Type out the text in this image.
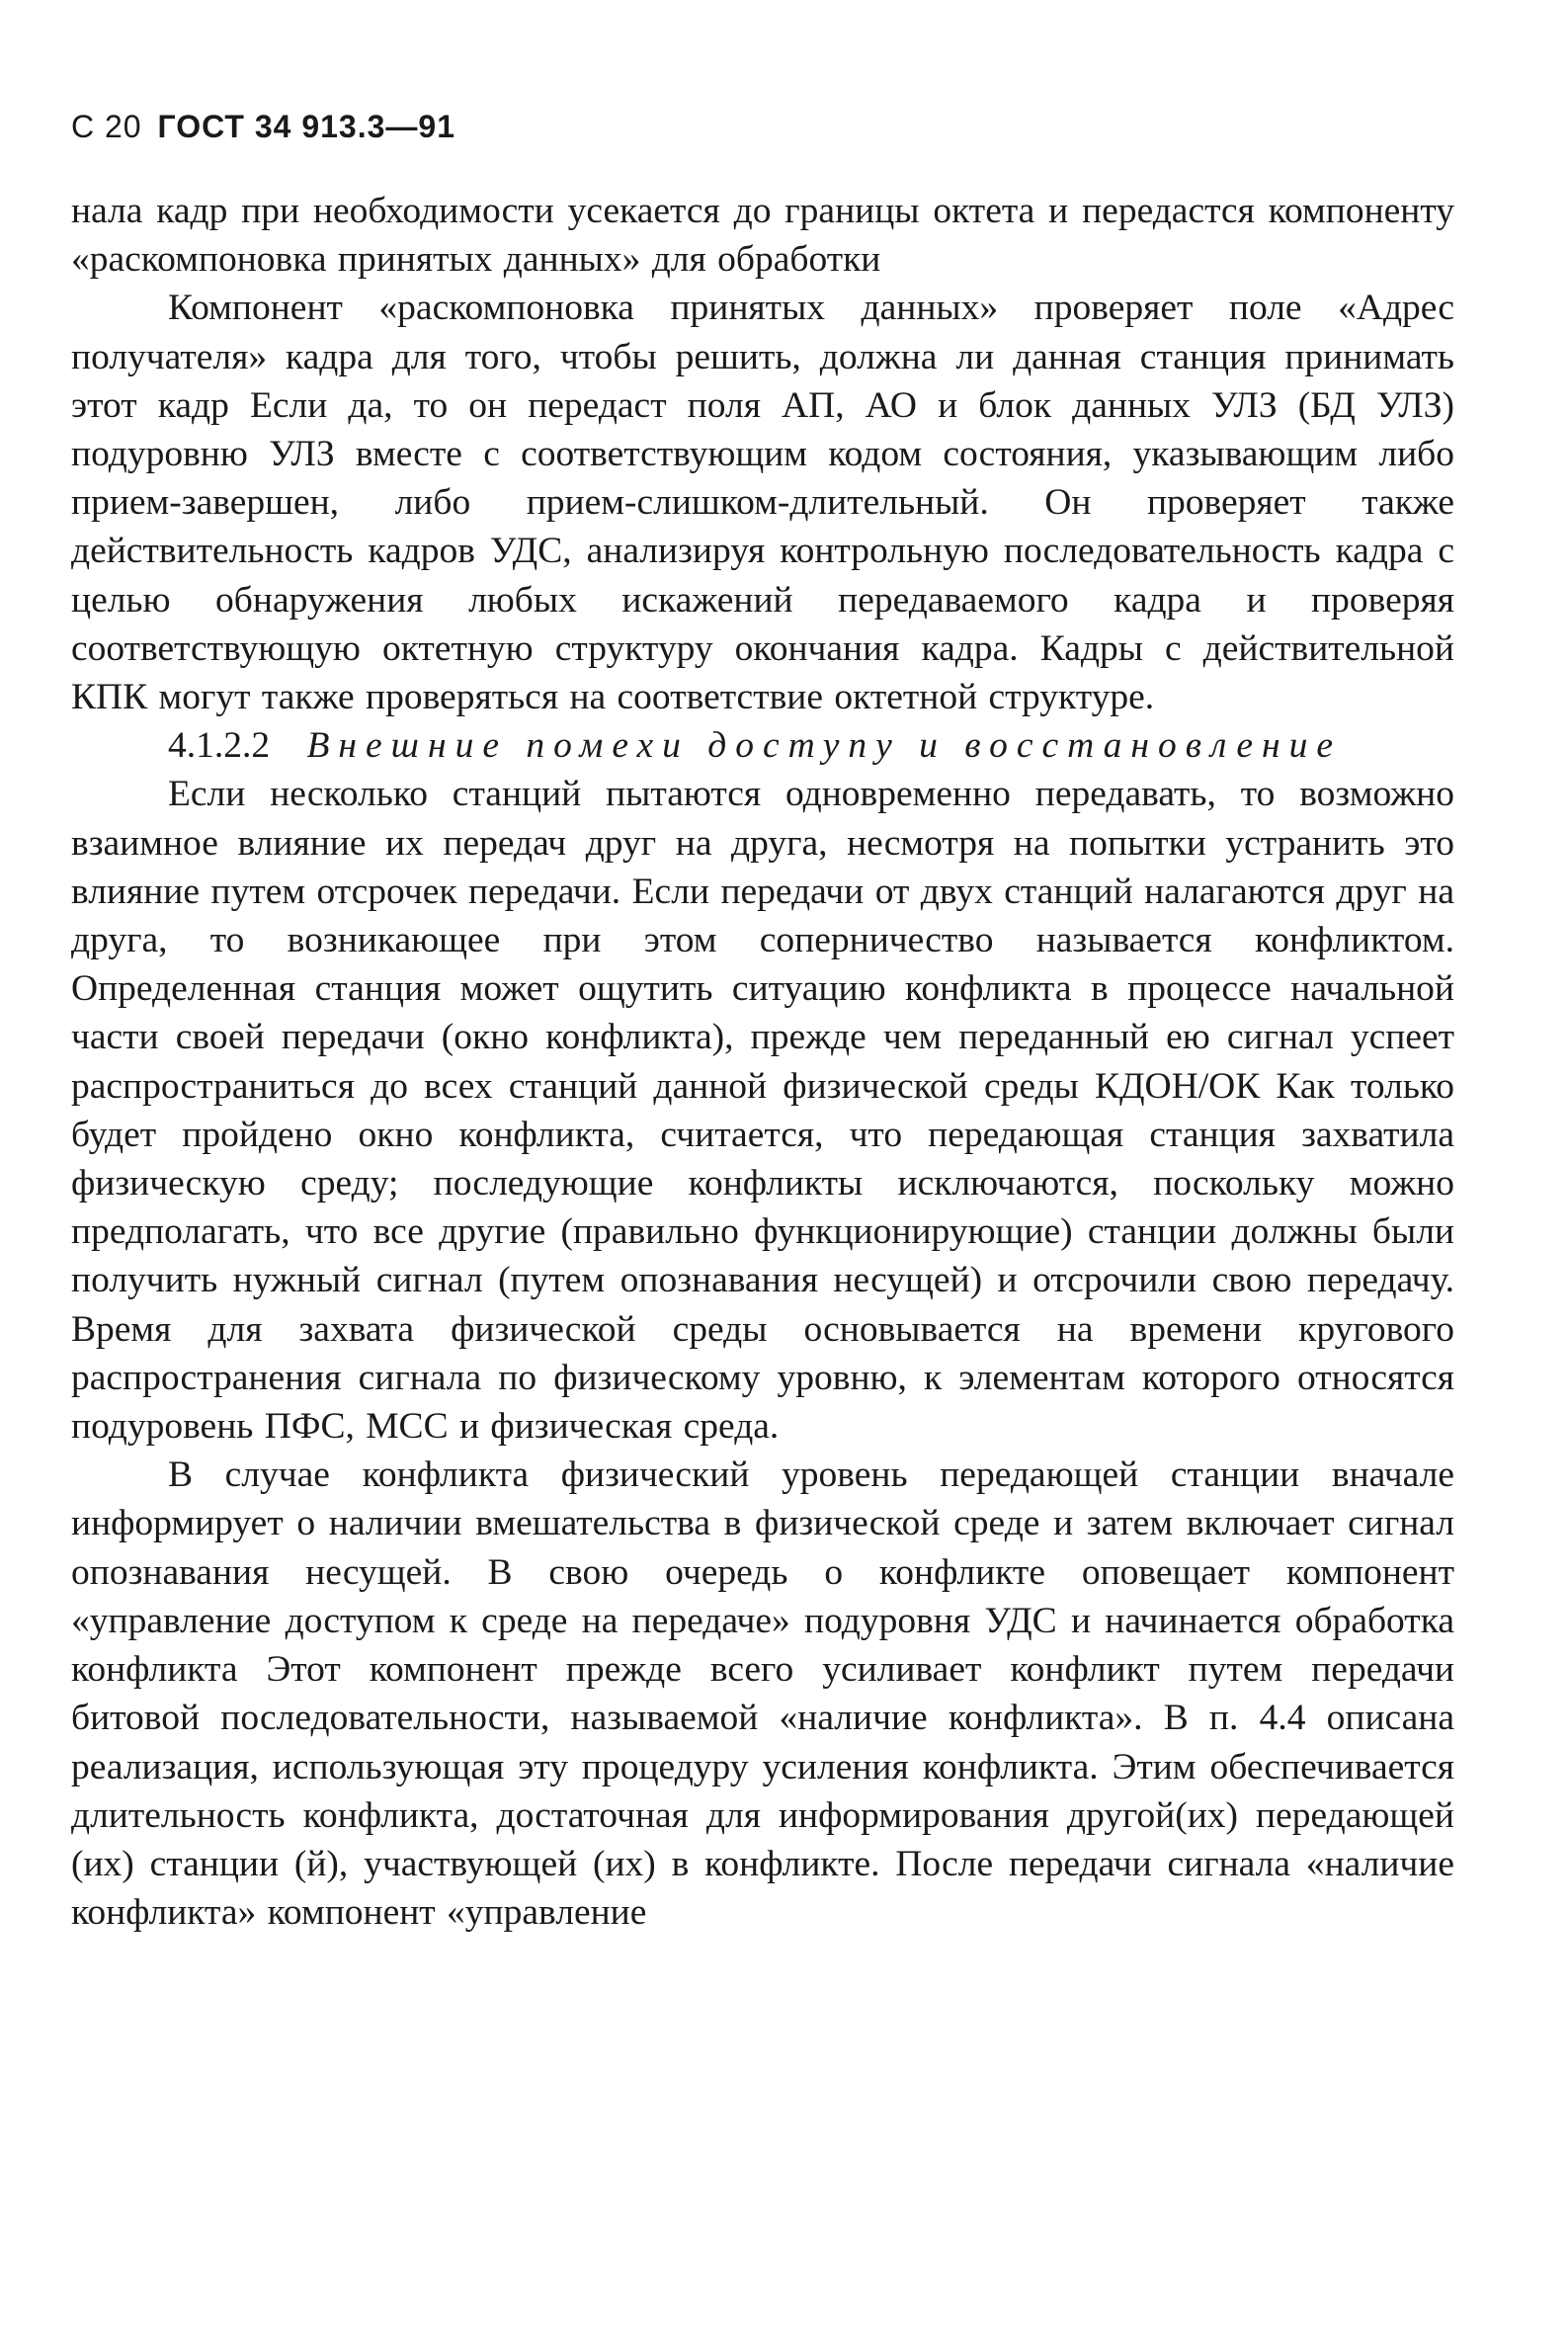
С 20 ГОСТ 34 913.3—91

нала кадр при необходимости усекается до границы октета и передастся компоненту «раскомпоновка принятых данных» для обработки

Компонент «раскомпоновка принятых данных» проверяет поле «Адрес получателя» кадра для того, чтобы решить, должна ли данная станция принимать этот кадр Если да, то он передаст поля АП, АО и блок данных УЛЗ (БД УЛЗ) подуровню УЛЗ вместе с соответствующим кодом состояния, указывающим либо прием-завершен, либо прием-слишком-длительный. Он проверяет также действительность кадров УДС, анализируя контрольную последовательность кадра с целью обнаружения любых искажений передаваемого кадра и проверяя соответствующую октетную структуру окончания кадра. Кадры с действительной КПК могут также проверяться на соответствие октетной структуре.

4.1.2.2 Внешние помехи доступу и восстановление

Если несколько станций пытаются одновременно передавать, то возможно взаимное влияние их передач друг на друга, несмотря на попытки устранить это влияние путем отсрочек передачи. Если передачи от двух станций налагаются друг на друга, то возникающее при этом соперничество называется конфликтом. Определенная станция может ощутить ситуацию конфликта в процессе начальной части своей передачи (окно конфликта), прежде чем переданный ею сигнал успеет распространиться до всех станций данной физической среды КДОН/ОК Как только будет пройдено окно конфликта, считается, что передающая станция захватила физическую среду; последующие конфликты исключаются, поскольку можно предполагать, что все другие (правильно функционирующие) станции должны были получить нужный сигнал (путем опознавания несущей) и отсрочили свою передачу. Время для захвата физической среды основывается на времени кругового распространения сигнала по физическому уровню, к элементам которого относятся подуровень ПФС, МСС и физическая среда.

В случае конфликта физический уровень передающей станции вначале информирует о наличии вмешательства в физической среде и затем включает сигнал опознавания несущей. В свою очередь о конфликте оповещает компонент «управление доступом к среде на передаче» подуровня УДС и начинается обработка конфликта Этот компонент прежде всего усиливает конфликт путем передачи битовой последовательности, называемой «наличие конфликта». В п. 4.4 описана реализация, использующая эту процедуру усиления конфликта. Этим обеспечивается длительность конфликта, достаточная для информирования другой(их) передающей (их) станции (й), участвующей (их) в конфликте. После передачи сигнала «наличие конфликта» компонент «управление
